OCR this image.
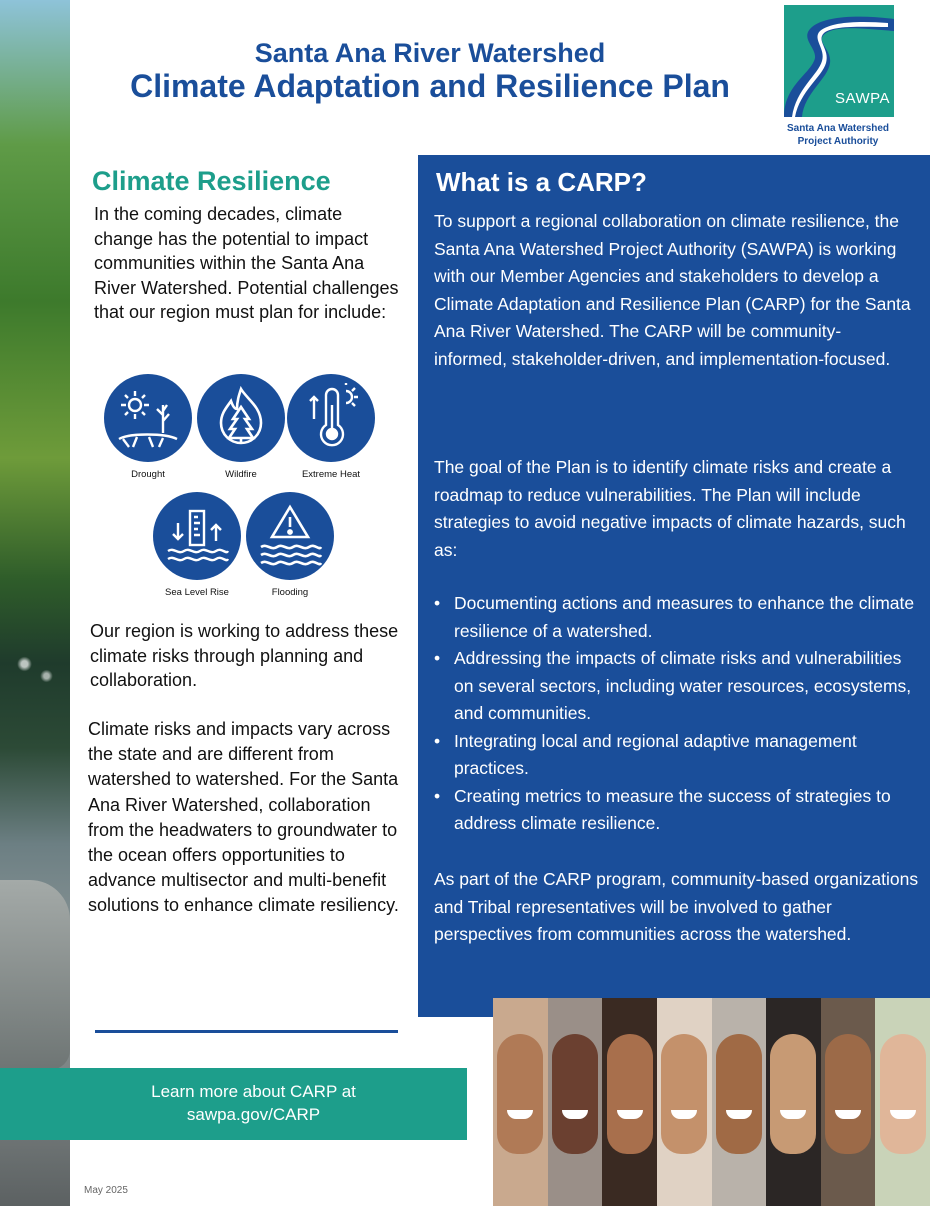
Santa Ana River Watershed
Climate Adaptation and Resilience Plan	SAWPA
Santa Ana Watershed
Project Authority
Climate Resilience
In the coming decades, climate change has the potential to impact communities within the Santa Ana River Watershed. Potential challenges that our region must plan for include:
Drought	Wildfire	Extreme Heat
Sea Level Rise	Flooding
Our region is working to address these climate risks through planning and collaboration.
Climate risks and impacts vary across the state and are different from watershed to watershed. For the Santa Ana River Watershed, collaboration from the headwaters to groundwater to the ocean offers opportunities to advance multisector and multi-benefit solutions to enhance climate resiliency.
Learn more about CARP at
sawpa.gov/CARP
May 2025
What is a CARP?
To support a regional collaboration on climate resilience, the Santa Ana Watershed Project Authority (SAWPA) is working with our Member Agencies and stakeholders to develop a Climate Adaptation and Resilience Plan (CARP) for the Santa Ana River Watershed. The CARP will be community-informed, stakeholder-driven, and implementation-focused.
The goal of the Plan is to identify climate risks and create a roadmap to reduce vulnerabilities. The Plan will include strategies to avoid negative impacts of climate hazards, such as:
• Documenting actions and measures to enhance the climate resilience of a watershed.
• Addressing the impacts of climate risks and vulnerabilities on several sectors, including water resources, ecosystems, and communities.
• Integrating local and regional adaptive management practices.
• Creating metrics to measure the success of strategies to address climate resilience.
As part of the CARP program, community-based organizations and Tribal representatives will be involved to gather perspectives from communities across the watershed.
